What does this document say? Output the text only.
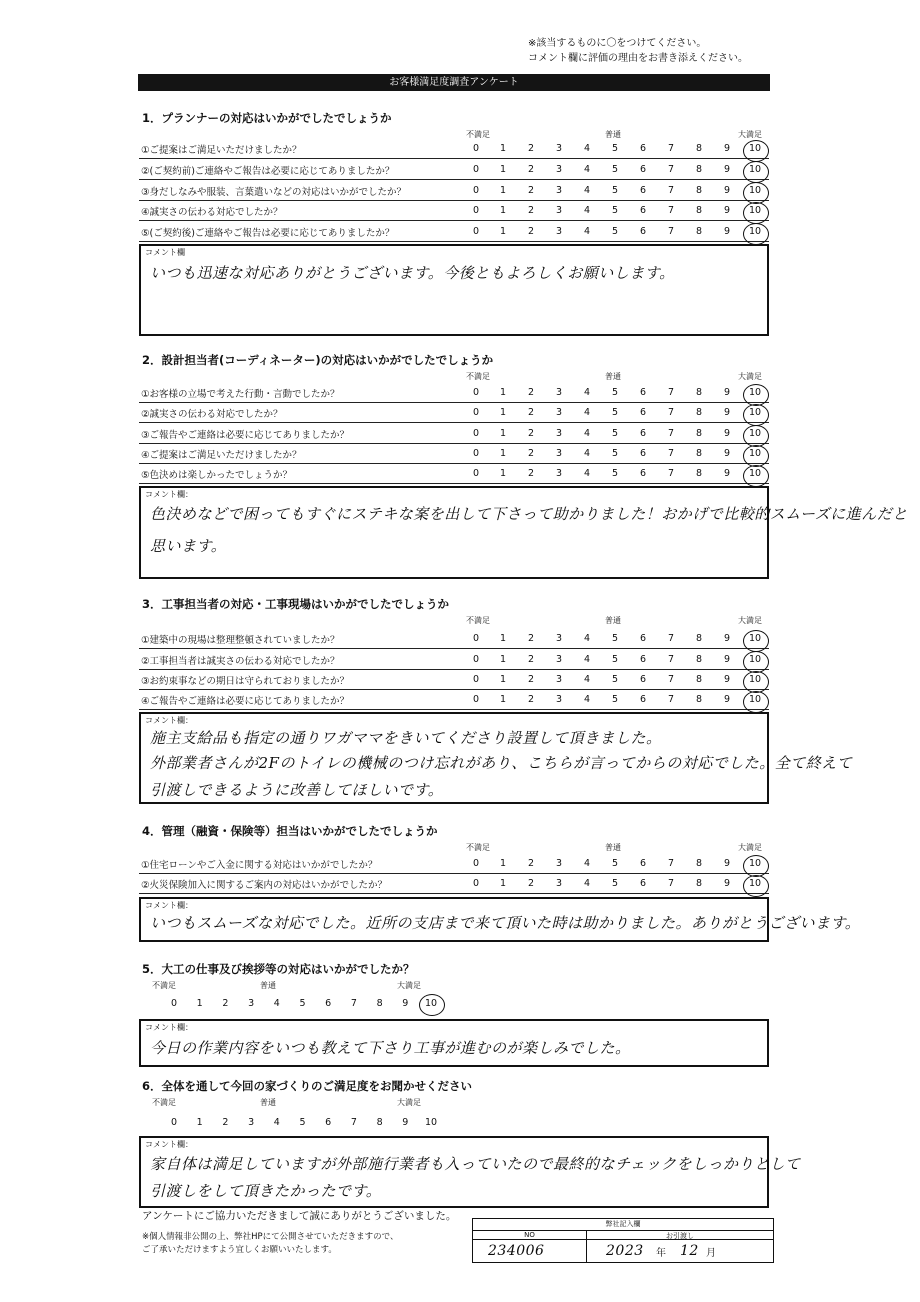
※該当するものに〇をつけてください。
コメント欄に評価の理由をお書き添えください。
お客様満足度調査アンケート
1．プランナーの対応はいかがでしたでしょうか
不満足	普通	大満足
①ご提案はご満足いただけましたか？	0	1	2	3	4	5	6	7	8	9	10
②(ご契約前)ご連絡やご報告は必要に応じてありましたか？	0	1	2	3	4	5	6	7	8	9	10
③身だしなみや服装、言葉遣いなどの対応はいかがでしたか？	0	1	2	3	4	5	6	7	8	9	10
④誠実さの伝わる対応でしたか？	0	1	2	3	4	5	6	7	8	9	10
⑤(ご契約後)ご連絡やご報告は必要に応じてありましたか？	0	1	2	3	4	5	6	7	8	9	10
コメント欄
いつも迅速な対応ありがとうございます。今後ともよろしくお願いします。
2．設計担当者(コーディネーター)の対応はいかがでしたでしょうか
不満足	普通	大満足
①お客様の立場で考えた行動・言動でしたか？	0	1	2	3	4	5	6	7	8	9	10
②誠実さの伝わる対応でしたか？	0	1	2	3	4	5	6	7	8	9	10
③ご報告やご連絡は必要に応じてありましたか？	0	1	2	3	4	5	6	7	8	9	10
④ご提案はご満足いただけましたか？	0	1	2	3	4	5	6	7	8	9	10
⑤色決めは楽しかったでしょうか？	0	1	2	3	4	5	6	7	8	9	10
コメント欄：
色決めなどで困ってもすぐにステキな案を出して下さって助かりました！おかげで比較的スムーズに進んだと
思います。
3．工事担当者の対応・工事現場はいかがでしたでしょうか
不満足	普通	大満足
①建築中の現場は整理整頓されていましたか？	0	1	2	3	4	5	6	7	8	9	10
②工事担当者は誠実さの伝わる対応でしたか？	0	1	2	3	4	5	6	7	8	9	10
③お約束事などの期日は守られておりましたか？	0	1	2	3	4	5	6	7	8	9	10
④ご報告やご連絡は必要に応じてありましたか？	0	1	2	3	4	5	6	7	8	9	10
コメント欄：
施主支給品も指定の通りワガママをきいてくださり設置して頂きました。
外部業者さんが2Fのトイレの機械のつけ忘れがあり、こちらが言ってからの対応でした。全て終えて
引渡しできるように改善してほしいです。
4．管理（融資・保険等）担当はいかがでしたでしょうか
不満足	普通	大満足
①住宅ローンやご入金に関する対応はいかがでしたか？	0	1	2	3	4	5	6	7	8	9	10
②火災保険加入に関するご案内の対応はいかがでしたか？	0	1	2	3	4	5	6	7	8	9	10
コメント欄：
いつもスムーズな対応でした。近所の支店まで来て頂いた時は助かりました。ありがとうございます。
5．大工の仕事及び挨拶等の対応はいかがでしたか？
不満足	普通	大満足
0	1	2	3	4	5	6	7	8	9	10
コメント欄：
今日の作業内容をいつも教えて下さり工事が進むのが楽しみでした。
6．全体を通して今回の家づくりのご満足度をお聞かせください
不満足	普通	大満足
0	1	2	3	4	5	6	7	8	9	10
コメント欄：
家自体は満足していますが外部施行業者も入っていたので最終的なチェックをしっかりとして
引渡しをして頂きたかったです。
アンケートにご協力いただきまして誠にありがとうございました。
※個人情報非公開の上、弊社HPにて公開させていただきますので、
ご了承いただけますよう宜しくお願いいたします。
弊社記入欄
NO	お引渡し
234006	2023 年 12 月
